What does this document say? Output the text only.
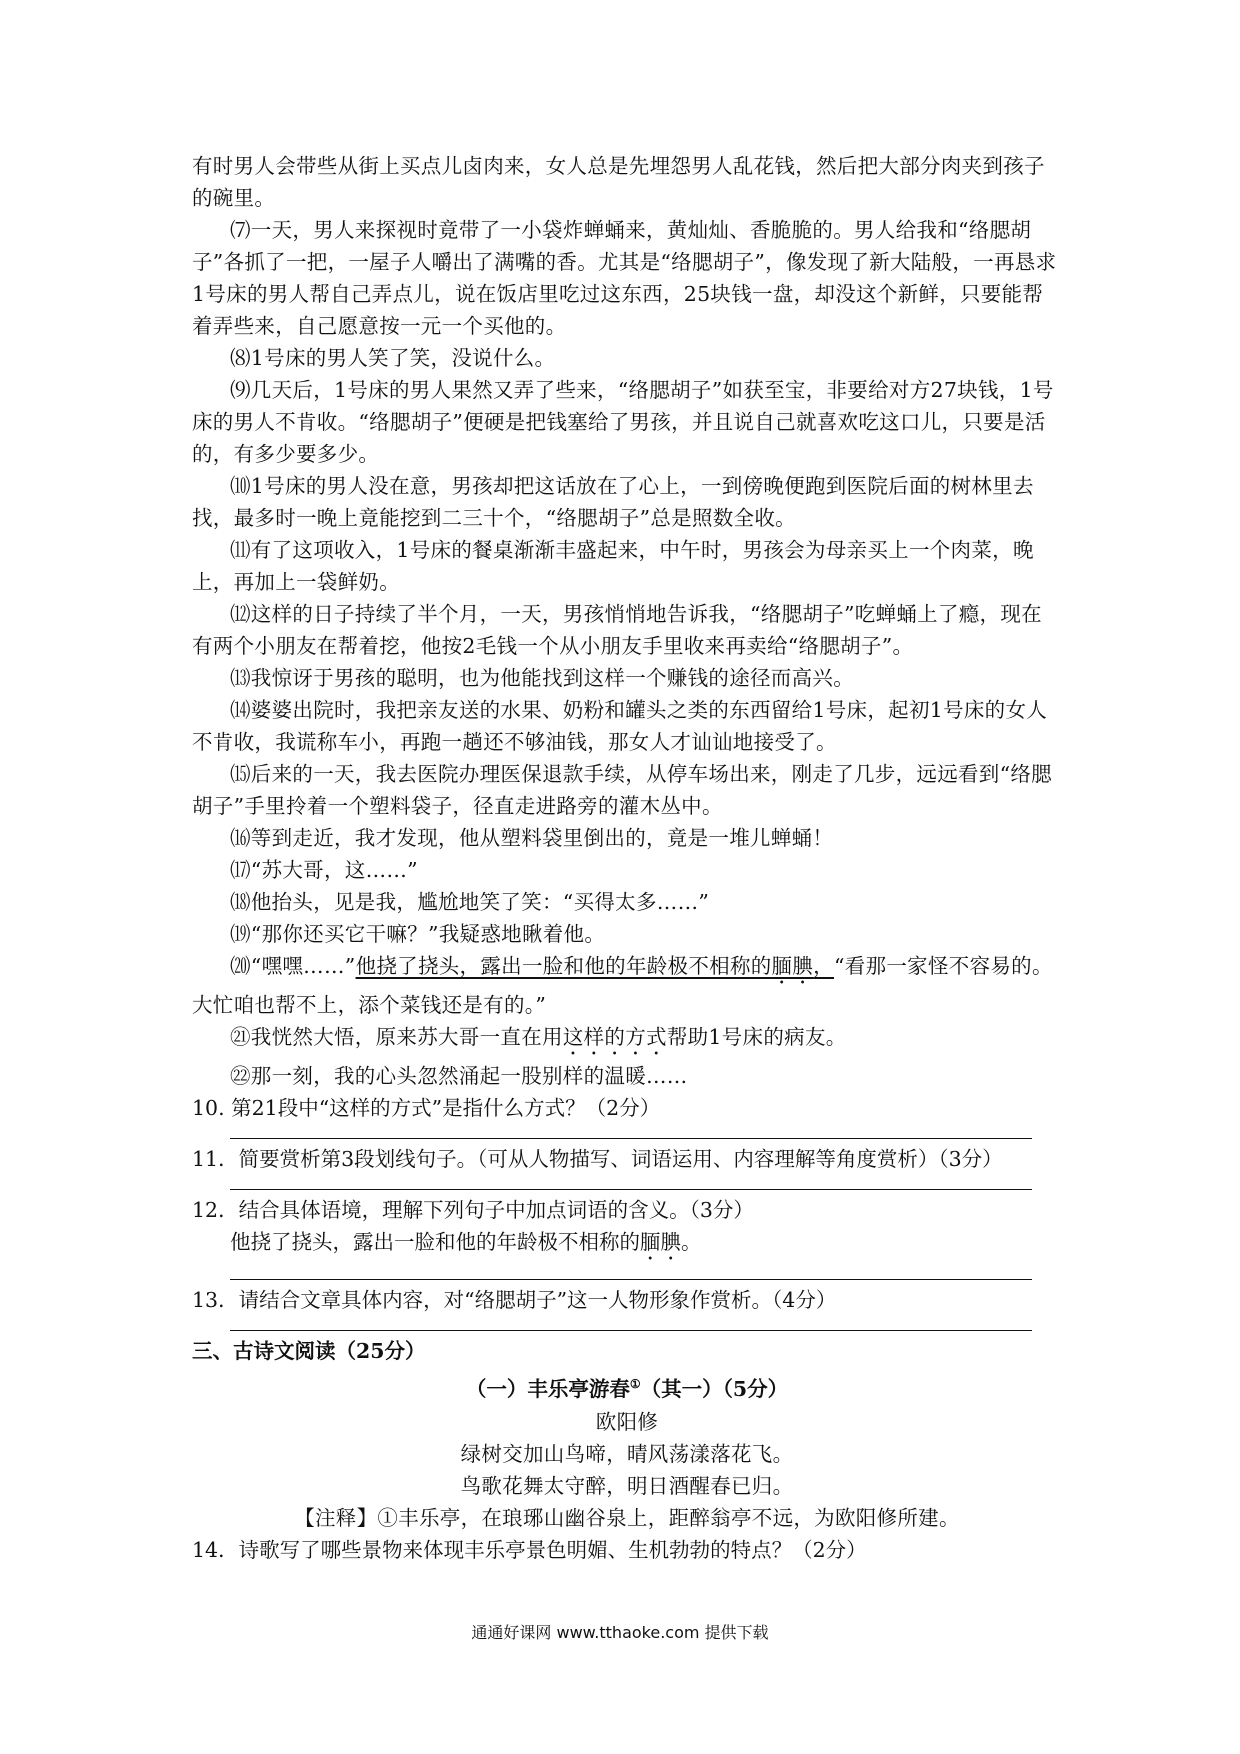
有时男人会带些从街上买点儿卤肉来，女人总是先埋怨男人乱花钱，然后把大部分肉夹到孩子的碗里。

⑺一天，男人来探视时竟带了一小袋炸蝉蛹来，黄灿灿、香脆脆的。男人给我和“络腮胡子”各抓了一把，一屋子人嚼出了满嘴的香。尤其是“络腮胡子”，像发现了新大陆般，一再恳求1号床的男人帮自己弄点儿，说在饭店里吃过这东西，25块钱一盘，却没这个新鲜，只要能帮着弄些来，自己愿意按一元一个买他的。

⑻1号床的男人笑了笑，没说什么。

⑼几天后，1号床的男人果然又弄了些来，“络腮胡子”如获至宝，非要给对方27块钱，1号床的男人不肯收。“络腮胡子”便硬是把钱塞给了男孩，并且说自己就喜欢吃这口儿，只要是活的，有多少要多少。

⑽1号床的男人没在意，男孩却把这话放在了心上，一到傍晚便跑到医院后面的树林里去找，最多时一晚上竟能挖到二三十个，“络腮胡子”总是照数全收。

⑾有了这项收入，1号床的餐桌渐渐丰盛起来，中午时，男孩会为母亲买上一个肉菜，晚上，再加上一袋鲜奶。

⑿这样的日子持续了半个月，一天，男孩悄悄地告诉我，“络腮胡子”吃蝉蛹上了瘾，现在有两个小朋友在帮着挖，他按2毛钱一个从小朋友手里收来再卖给“络腮胡子”。

⒀我惊讶于男孩的聪明，也为他能找到这样一个赚钱的途径而高兴。

⒁婆婆出院时，我把亲友送的水果、奶粉和罐头之类的东西留给1号床，起初1号床的女人不肯收，我谎称车小，再跑一趟还不够油钱，那女人才讪讪地接受了。

⒂后来的一天，我去医院办理医保退款手续，从停车场出来，刚走了几步，远远看到“络腮胡子”手里拎着一个塑料袋子，径直走进路旁的灌木丛中。

⒃等到走近，我才发现，他从塑料袋里倒出的，竟是一堆儿蝉蛹！

⒄“苏大哥，这……”

⒅他抬头，见是我，尴尬地笑了笑：“买得太多……”

⒆“那你还买它干嘛？”我疑惑地瞅着他。

⒇“嘿嘿……”他挠了挠头，露出一脸和他的年龄极不相称的腼腆，“看那一家怪不容易的。大忙咱也帮不上，添个菜钱还是有的。”

㉑我恍然大悟，原来苏大哥一直在用这样的方式帮助1号床的病友。

㉒那一刻，我的心头忽然涌起一股别样的温暖……

10. 第21段中“这样的方式”是指什么方式？（2分）

11．简要赏析第3段划线句子。（可从人物描写、词语运用、内容理解等角度赏析）（3分）

12．结合具体语境，理解下列句子中加点词语的含义。（3分）

他挠了挠头，露出一脸和他的年龄极不相称的腼腆。

13．请结合文章具体内容，对“络腮胡子”这一人物形象作赏析。（4分）

三、古诗文阅读（25分）

（一）丰乐亭游春①（其一）（5分）

欧阳修

绿树交加山鸟啼，晴风荡漾落花飞。

鸟歌花舞太守醉，明日酒醒春已归。

【注释】①丰乐亭，在琅琊山幽谷泉上，距醉翁亭不远，为欧阳修所建。

14．诗歌写了哪些景物来体现丰乐亭景色明媚、生机勃勃的特点？（2分）

通通好课网 www.tthaoke.com 提供下载
